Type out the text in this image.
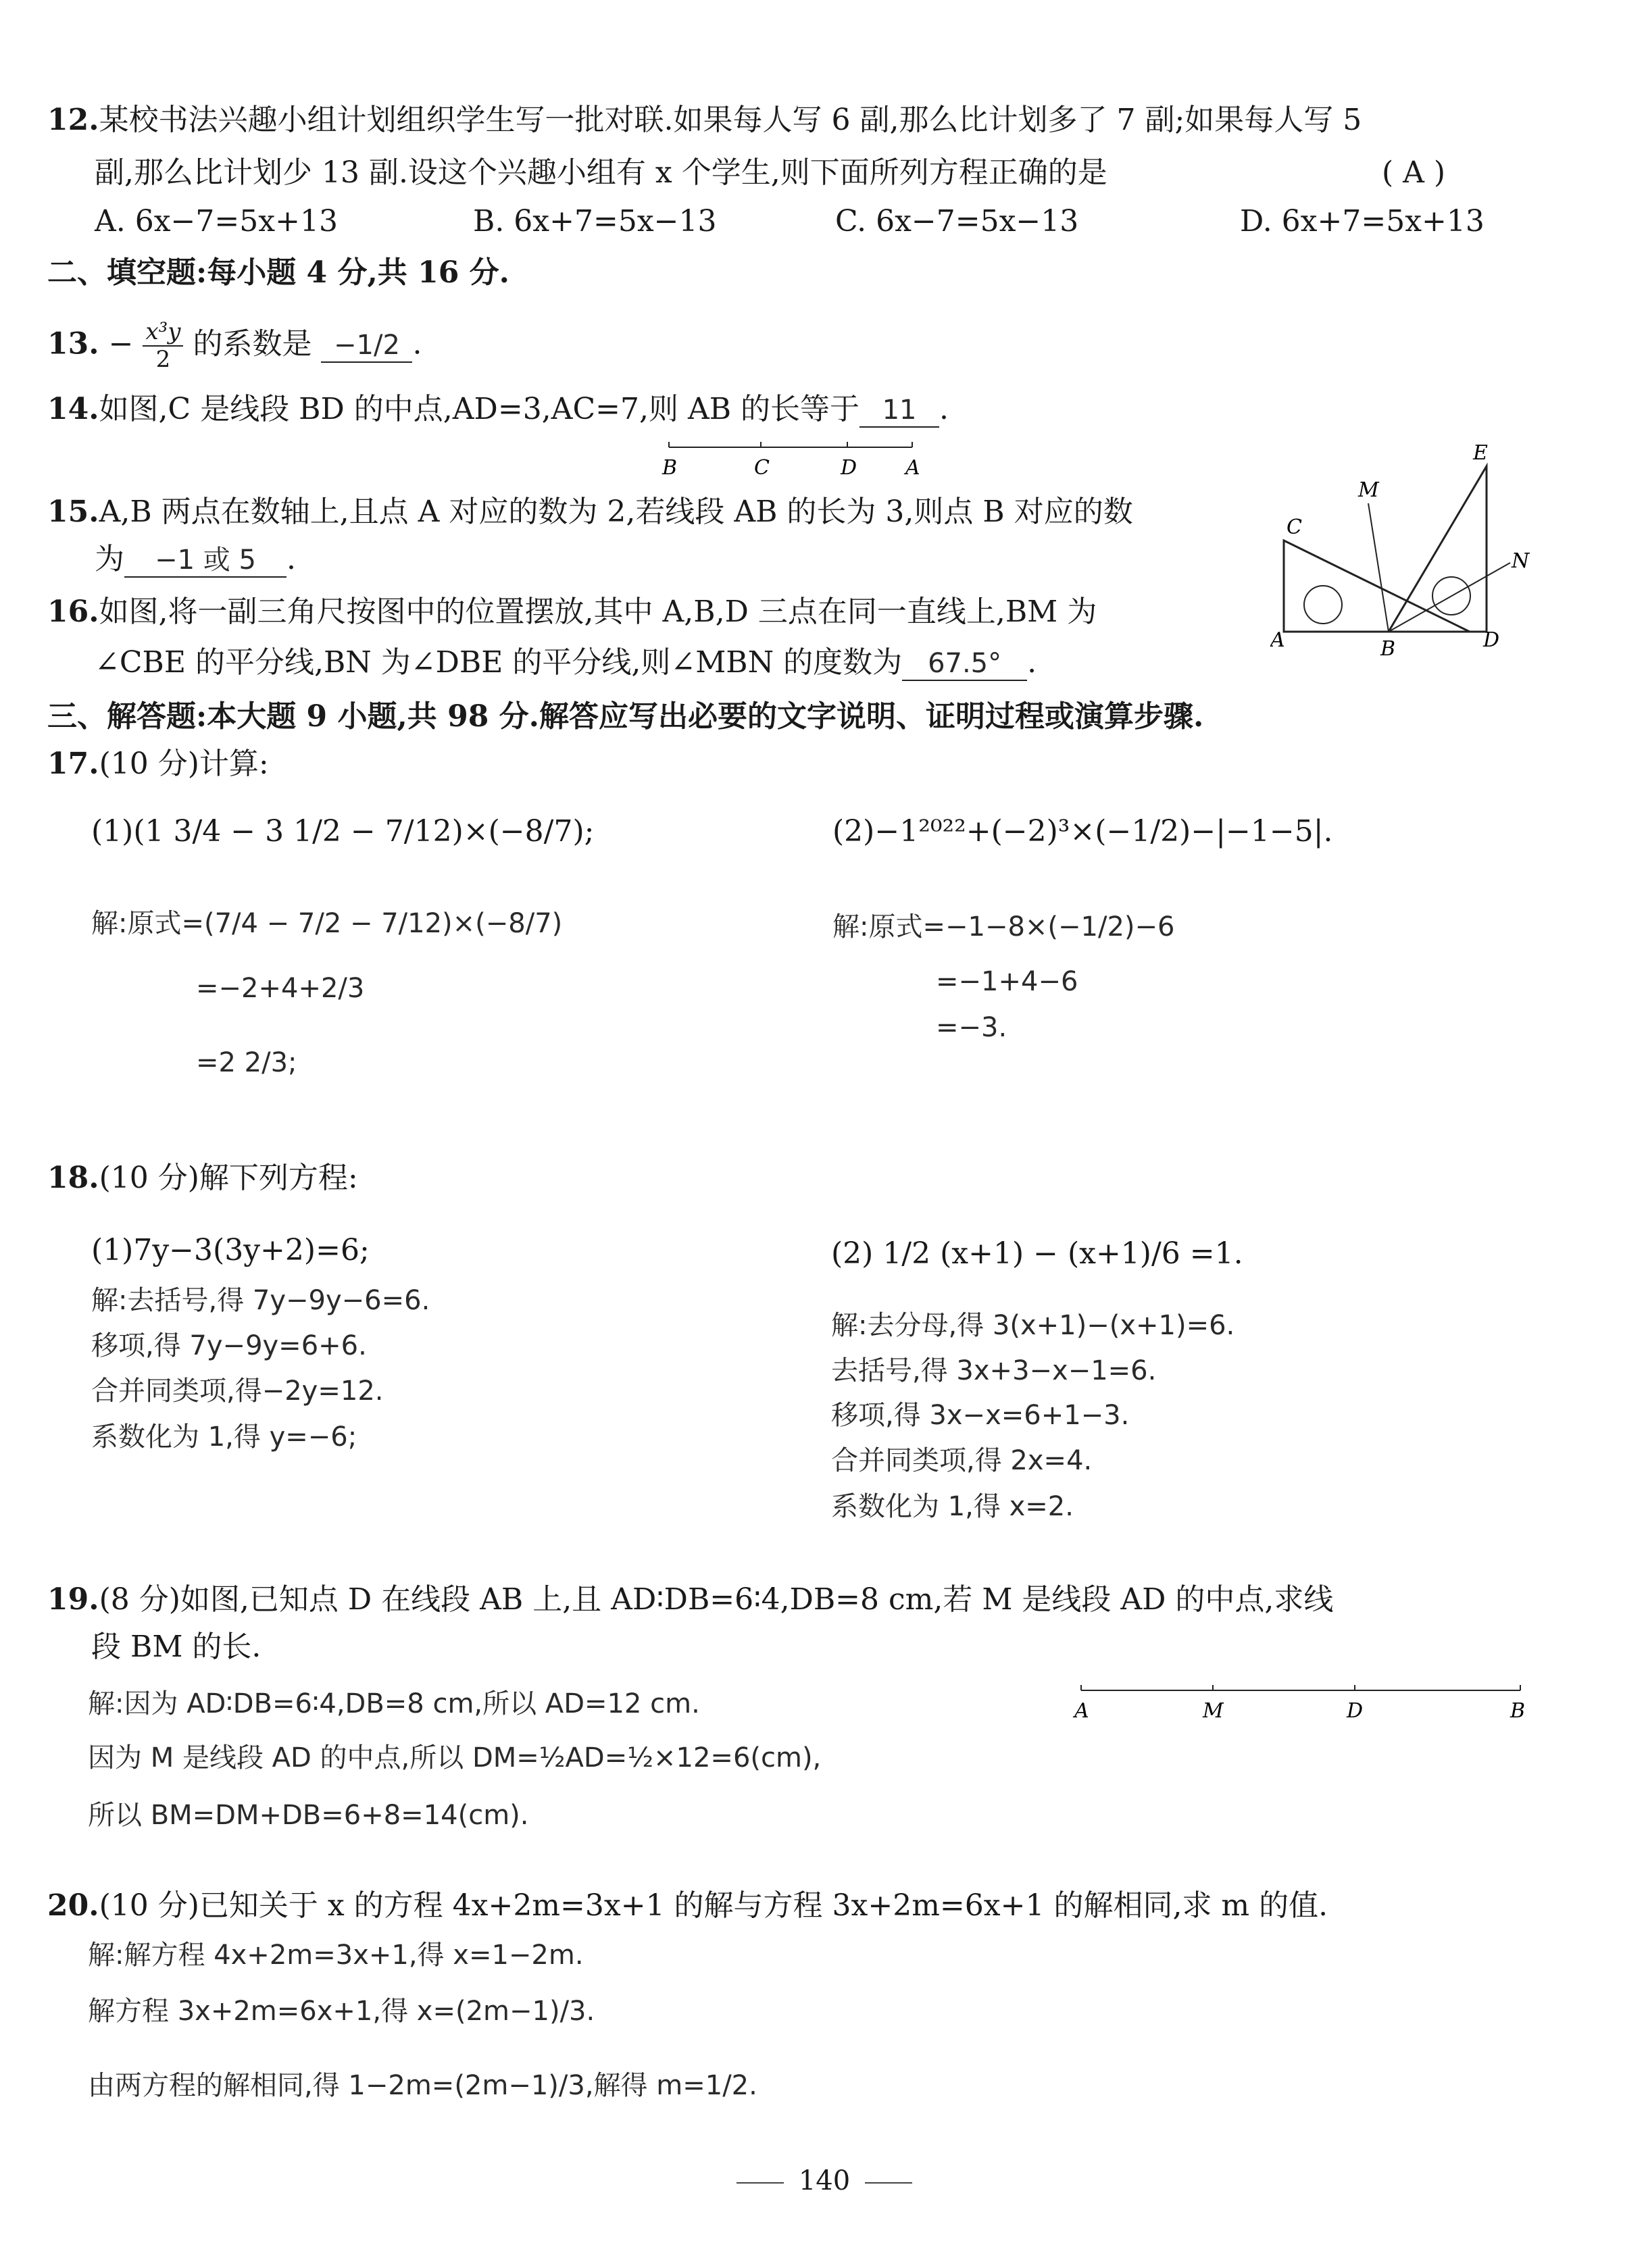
12.某校书法兴趣小组计划组织学生写一批对联.如果每人写 6 副,那么比计划多了 7 副;如果每人写 5
副,那么比计划少 13 副.设这个兴趣小组有 x 个学生,则下面所列方程正确的是	( A )
A. 6x−7=5x+13	B. 6x+7=5x−13	C. 6x−7=5x−13	D. 6x+7=5x+13
二、填空题:每小题 4 分,共 16 分.
13. − $\frac{\text{x³y}}{2}$ 的系数是 −1/2 .
14.如图,C 是线段 BD 的中点,AD=3,AC=7,则 AB 的长等于 11 .
B	C	D A
15.A,B 两点在数轴上,且点 A 对应的数为 2,若线段 AB 的长为 3,则点 B 对应的数
为 −1 或 5 .
16.如图,将一副三角尺按图中的位置摆放,其中 A,B,D 三点在同一直线上,BM 为
∠CBE 的平分线,BN 为∠DBE 的平分线,则∠MBN 的度数为 67.5° .
E
M
C
N
A	B	D
三、解答题:本大题 9 小题,共 98 分.解答应写出必要的文字说明、证明过程或演算步骤.
17.(10 分)计算:
(1)(1 3/4 − 3 1/2 − 7/12)×(−8/7);
解:原式=(7/4 − 7/2 − 7/12)×(−8/7)
=−2+4+2/3
=2 2/3;
(2)−1²⁰²²+(−2)³×(−1/2)−|−1−5|.
解:原式=−1−8×(−1/2)−6
=−1+4−6
=−3.
18.(10 分)解下列方程:
(1)7y−3(3y+2)=6;
解:去括号,得 7y−9y−6=6.
移项,得 7y−9y=6+6.
合并同类项,得−2y=12.
系数化为 1,得 y=−6;
(2) 1/2 (x+1) − (x+1)/6 =1.
解:去分母,得 3(x+1)−(x+1)=6.
去括号,得 3x+3−x−1=6.
移项,得 3x−x=6+1−3.
合并同类项,得 2x=4.
系数化为 1,得 x=2.
19.(8 分)如图,已知点 D 在线段 AB 上,且 AD∶DB=6∶4,DB=8 cm,若 M 是线段 AD 的中点,求线
段 BM 的长.
解:因为 AD∶DB=6∶4,DB=8 cm,所以 AD=12 cm.
因为 M 是线段 AD 的中点,所以 DM=½AD=½×12=6(cm),
所以 BM=DM+DB=6+8=14(cm).
A	M	D	B
20.(10 分)已知关于 x 的方程 4x+2m=3x+1 的解与方程 3x+2m=6x+1 的解相同,求 m 的值.
解:解方程 4x+2m=3x+1,得 x=1−2m.
解方程 3x+2m=6x+1,得 x=(2m−1)/3.
由两方程的解相同,得 1−2m=(2m−1)/3,解得 m=1/2.
140
